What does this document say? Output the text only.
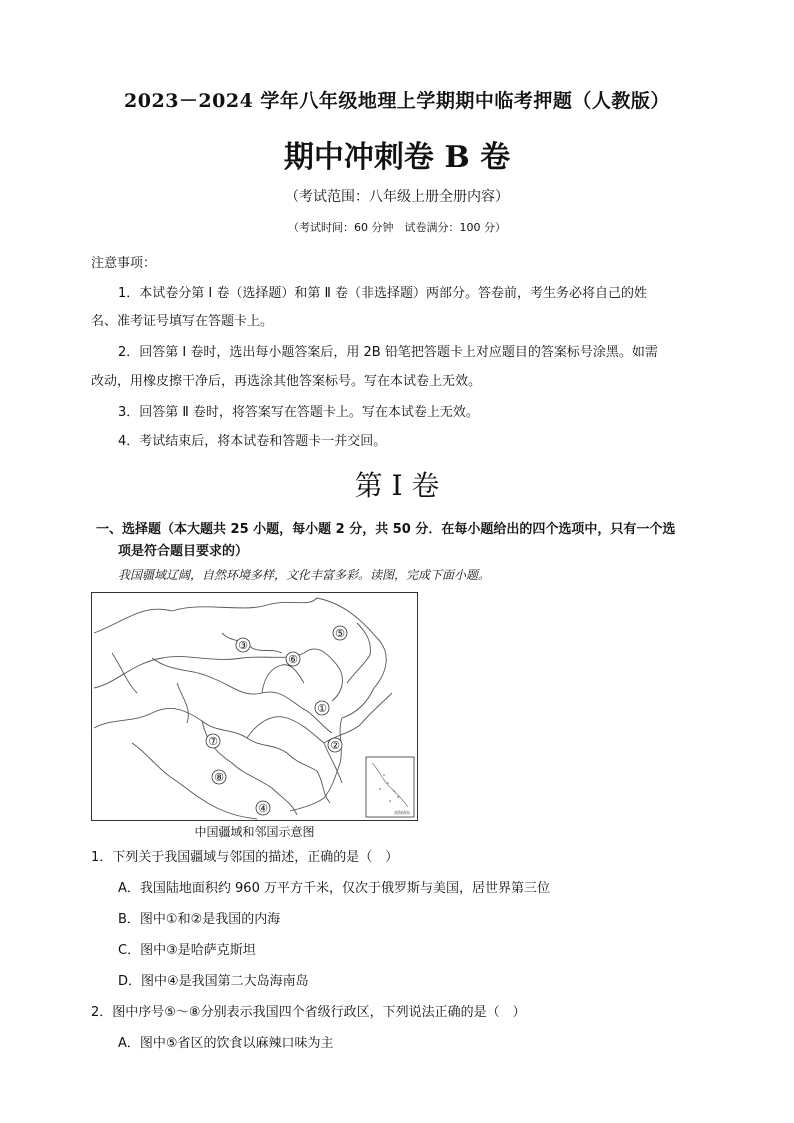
2023－2024 学年八年级地理上学期期中临考押题（人教版）
期中冲刺卷 B 卷
（考试范围：八年级上册全册内容）
（考试时间：60 分钟　试卷满分：100 分）
注意事项：
1．本试卷分第 Ⅰ 卷（选择题）和第 Ⅱ 卷（非选择题）两部分。答卷前，考生务必将自己的姓
名、准考证号填写在答题卡上。
2．回答第 Ⅰ 卷时，选出每小题答案后，用 2B 铅笔把答题卡上对应题目的答案标号涂黑。如需
改动，用橡皮擦干净后，再选涂其他答案标号。写在本试卷上无效。
3．回答第 Ⅱ 卷时，将答案写在答题卡上。写在本试卷上无效。
4．考试结束后，将本试卷和答题卡一并交回。
第 Ⅰ 卷
一、选择题（本大题共 25 小题，每小题 2 分，共 50 分．在每小题给出的四个选项中，只有一个选
项是符合题目要求的）
我国疆域辽阔，自然环境多样，文化丰富多彩。读图，完成下面小题。
①
②
③
④
⑤
⑥
⑦
⑧
南海诸岛
中国疆域和邻国示意图
1．下列关于我国疆域与邻国的描述，正确的是（　）
A．我国陆地面积约 960 万平方千米，仅次于俄罗斯与美国，居世界第三位
B．图中①和②是我国的内海
C．图中③是哈萨克斯坦
D．图中④是我国第二大岛海南岛
2．图中序号⑤～⑧分别表示我国四个省级行政区，下列说法正确的是（　）
A．图中⑤省区的饮食以麻辣口味为主
